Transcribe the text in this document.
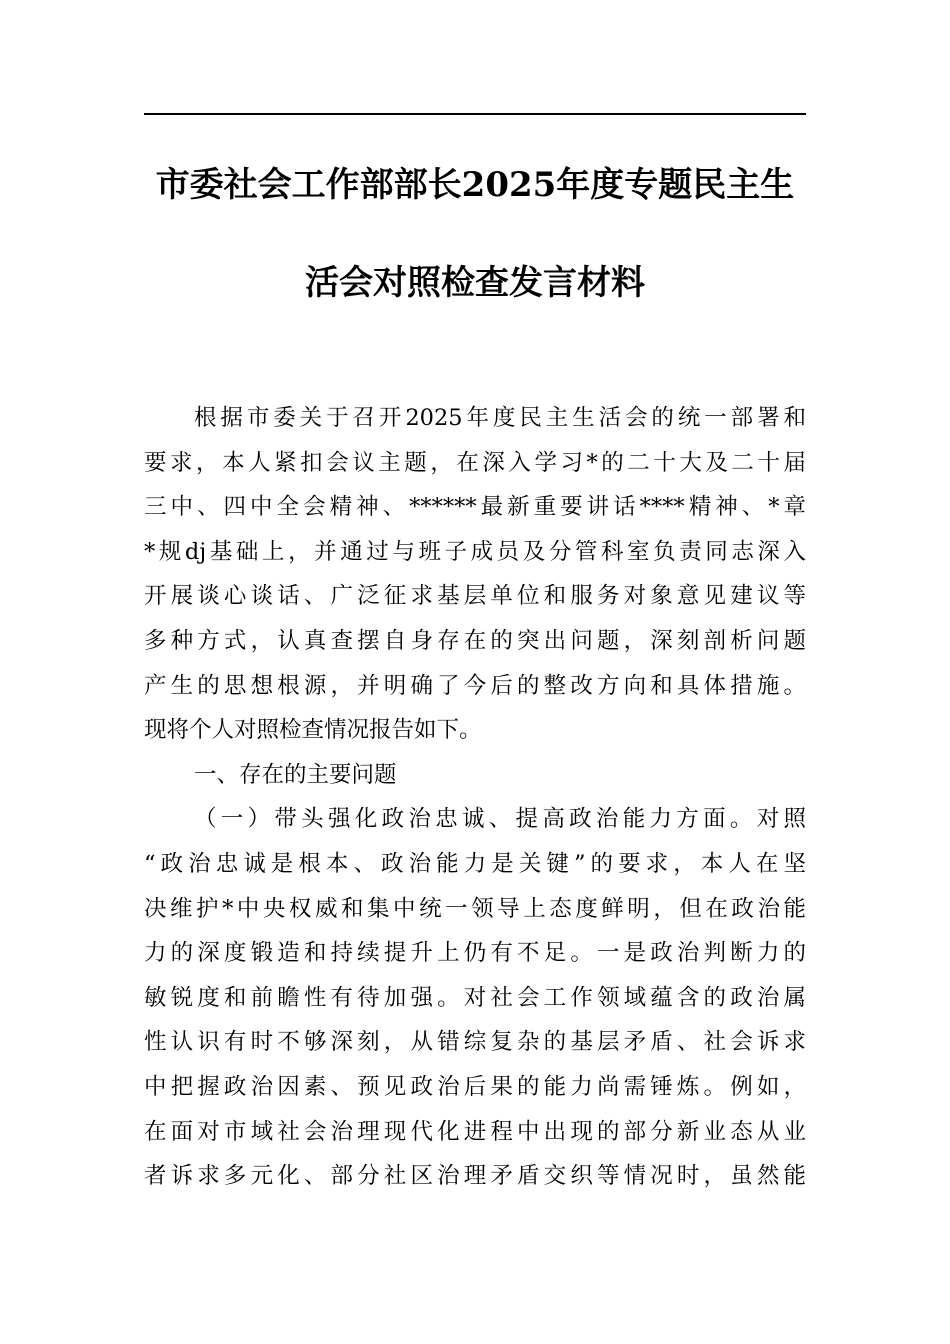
市委社会工作部部长2025年度专题民主生
活会对照检查发言材料
根据市委关于召开2025年度民主生活会的统一部署和
要求，本人紧扣会议主题，在深入学习*的二十大及二十届
三中、四中全会精神、******最新重要讲话****精神、*章
*规dj基础上，并通过与班子成员及分管科室负责同志深入
开展谈心谈话、广泛征求基层单位和服务对象意见建议等
多种方式，认真查摆自身存在的突出问题，深刻剖析问题
产生的思想根源，并明确了今后的整改方向和具体措施。
现将个人对照检查情况报告如下。
一、存在的主要问题
（一）带头强化政治忠诚、提高政治能力方面。对照
“政治忠诚是根本、政治能力是关键”的要求，本人在坚
决维护*中央权威和集中统一领导上态度鲜明，但在政治能
力的深度锻造和持续提升上仍有不足。一是政治判断力的
敏锐度和前瞻性有待加强。对社会工作领域蕴含的政治属
性认识有时不够深刻，从错综复杂的基层矛盾、社会诉求
中把握政治因素、预见政治后果的能力尚需锤炼。例如，
在面对市域社会治理现代化进程中出现的部分新业态从业
者诉求多元化、部分社区治理矛盾交织等情况时，虽然能
